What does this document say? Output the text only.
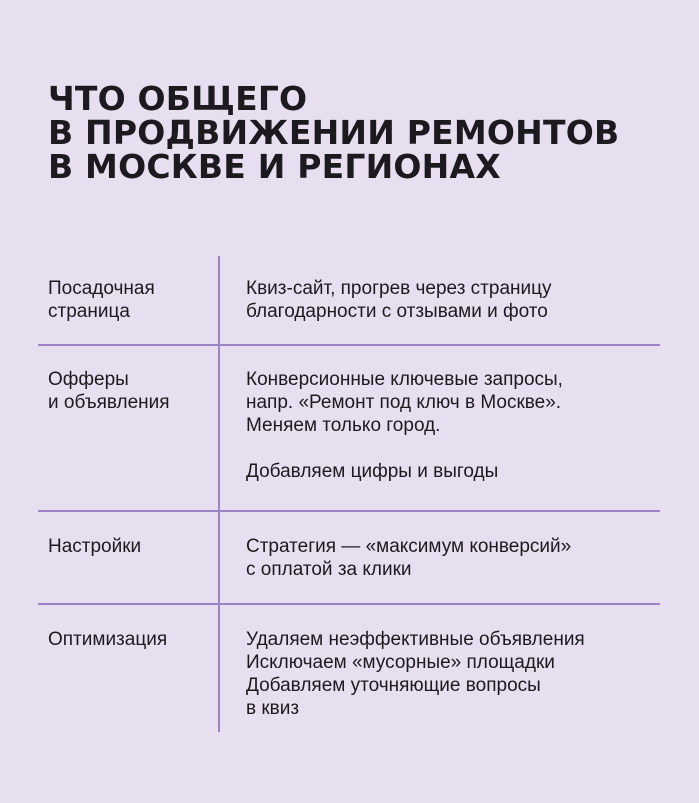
ЧТО ОБЩЕГО
В ПРОДВИЖЕНИИ РЕМОНТОВ
В МОСКВЕ И РЕГИОНАХ
Посадочная
страница
Квиз-сайт, прогрев через страницу
благодарности с отзывами и фото
Офферы
и объявления
Конверсионные ключевые запросы,
напр. «Ремонт под ключ в Москве».
Меняем только город.
Добавляем цифры и выгоды
Настройки	Стратегия — «максимум конверсий»
с оплатой за клики
Оптимизация	Удаляем неэффективные объявления
Исключаем «мусорные» площадки
Добавляем уточняющие вопросы
в квиз
